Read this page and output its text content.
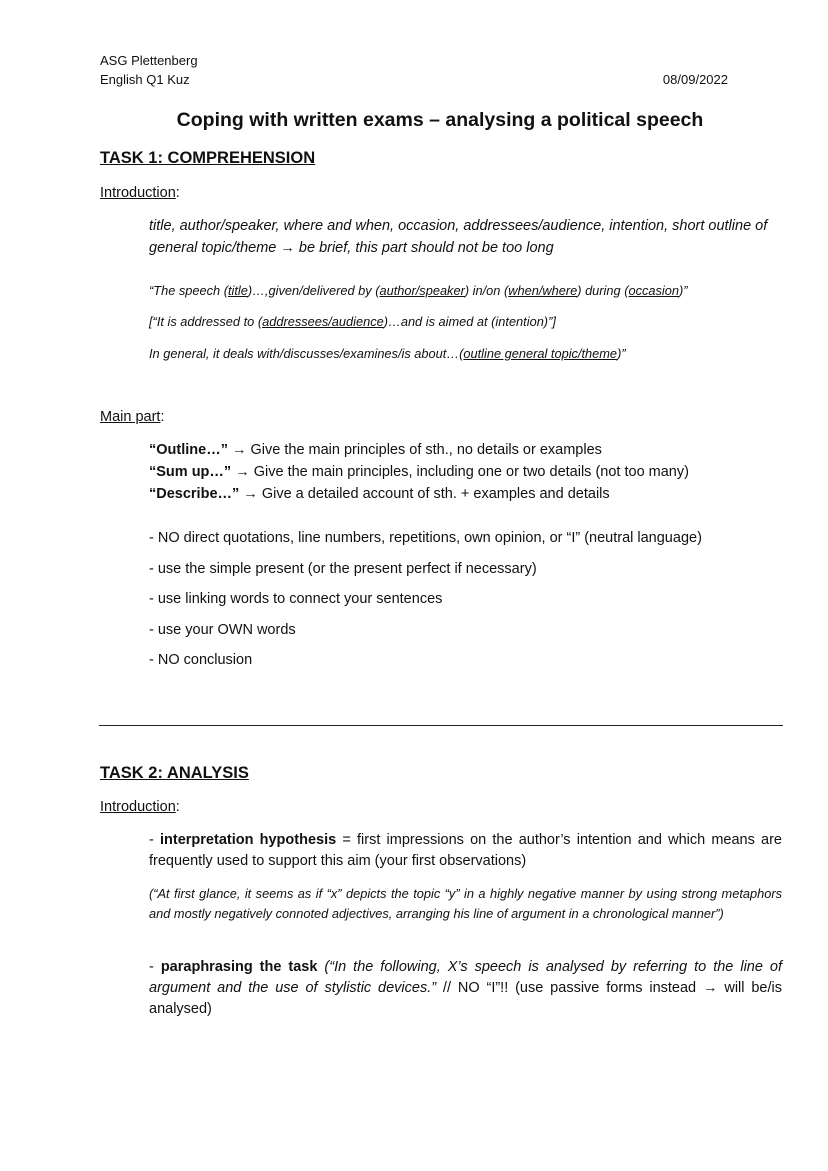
ASG Plettenberg
English Q1 Kuz	08/09/2022
Coping with written exams – analysing a political speech
TASK 1: COMPREHENSION
Introduction:
title, author/speaker, where and when, occasion, addressees/audience, intention, short outline of general topic/theme → be brief, this part should not be too long
“The speech (title)…,given/delivered by (author/speaker) in/on (when/where) during (occasion)”
[“It is addressed to (addressees/audience)…and is aimed at (intention)”]
In general, it deals with/discusses/examines/is about…(outline general topic/theme)”
Main part:
“Outline…” → Give the main principles of sth., no details or examples
“Sum up…” → Give the main principles, including one or two details (not too many)
“Describe…” → Give a detailed account of sth. + examples and details
- NO direct quotations, line numbers, repetitions, own opinion, or “I” (neutral language)
- use the simple present (or the present perfect if necessary)
- use linking words to connect your sentences
- use your OWN words
- NO conclusion
TASK 2: ANALYSIS
Introduction:
- interpretation hypothesis = first impressions on the author’s intention and which means are frequently used to support this aim (your first observations)
(“At first glance, it seems as if “x” depicts the topic “y” in a highly negative manner by using strong metaphors and mostly negatively connoted adjectives, arranging his line of argument in a chronological manner”)
- paraphrasing the task (“In the following, X’s speech is analysed by referring to the line of argument and the use of stylistic devices.” // NO “I”!! (use passive forms instead → will be/is analysed)
